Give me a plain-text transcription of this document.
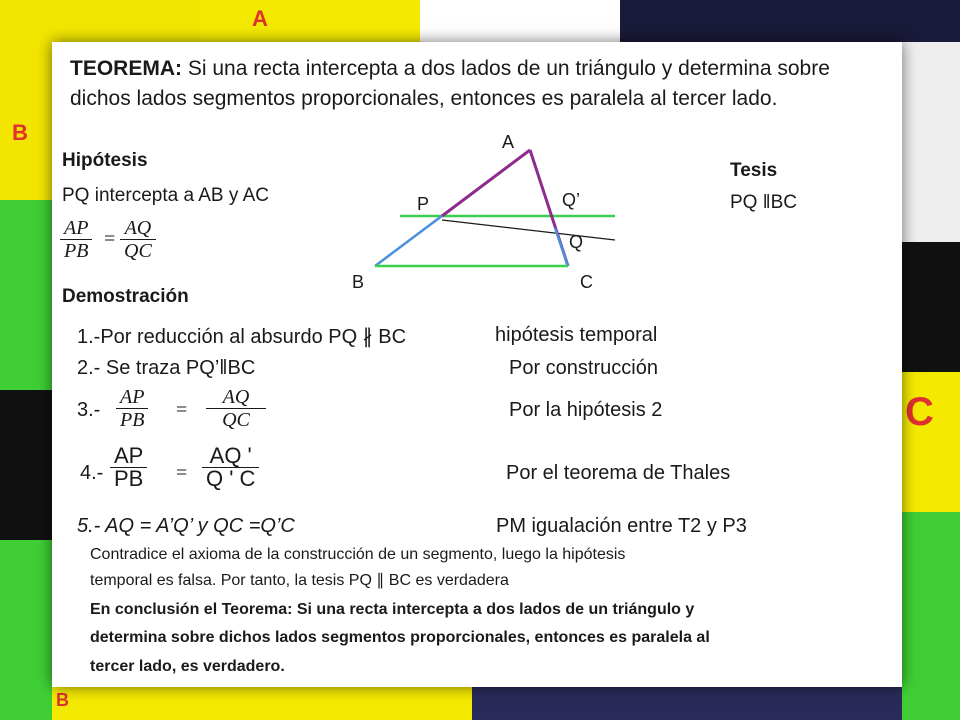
B
A
C
B
TEOREMA: Si una recta intercepta a dos lados de un triángulo y determina sobre dichos lados segmentos proporcionales, entonces es paralela al tercer lado.
Hipótesis
PQ intercepta a AB y AC
AP
PB
= AQ
QC
Tesis
PQ ‖BC
A
P	Q’
Q
B	C
Demostración
1.-Por reducción al absurdo PQ ∦ BC	hipótesis temporal
2.- Se traza PQ’‖BC	Por construcción
3.-
AP
PB =
AQ
QC	Por la hipótesis 2
4.-
AP
PB =
AQ '
Q ' C	Por el teorema de Thales
5.- AQ = A’Q’ y QC =Q’C	PM igualación entre T2 y P3
Contradice el axioma de la construcción de un segmento, luego la hipótesis
temporal es falsa. Por tanto, la tesis PQ ∥ BC es verdadera
En conclusión el Teorema: Si una recta intercepta a dos lados de un triángulo y
determina sobre dichos lados segmentos proporcionales, entonces es paralela al
tercer lado, es verdadero.
